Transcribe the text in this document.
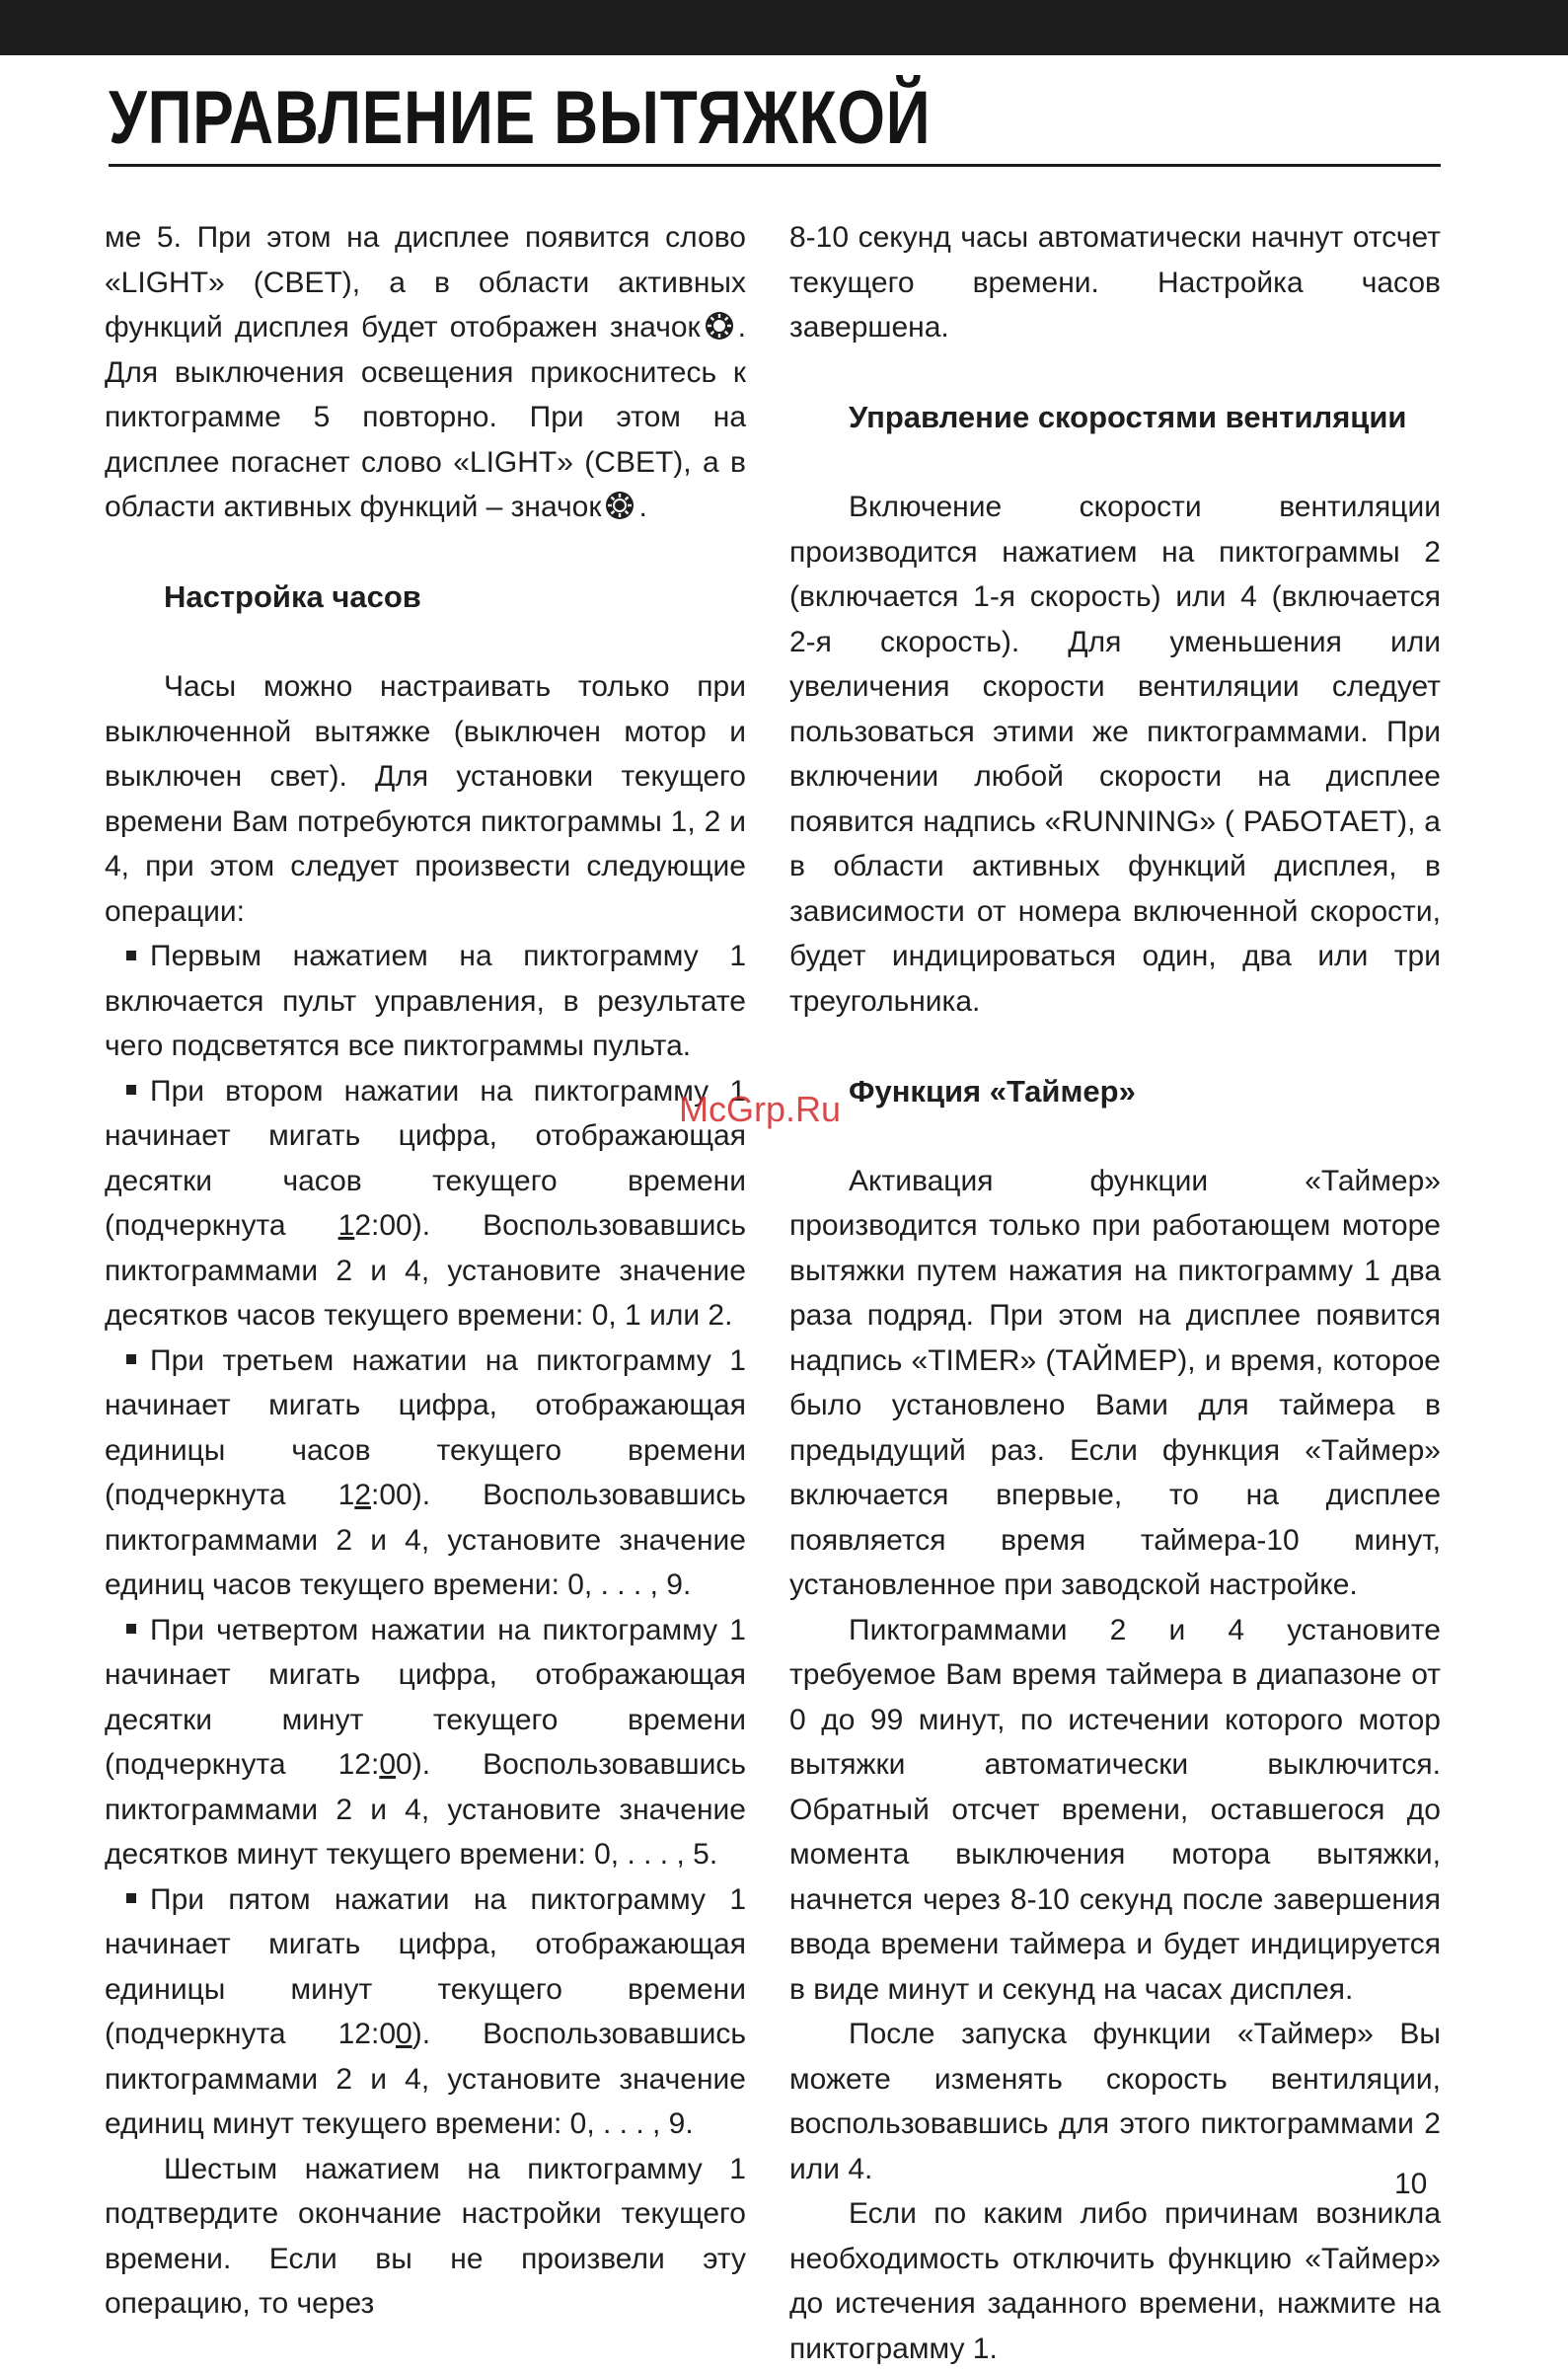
УПРАВЛЕНИЕ ВЫТЯЖКОЙ

ме 5. При этом на дисплее появится слово «LIGHT» (СВЕТ), а в области активных функций дисплея будет отображен значок . Для выключения освещения прикоснитесь к пиктограмме 5 повторно. При этом на дисплее погаснет слово «LIGHT» (СВЕТ), а в области активных функций – значок .

Настройка часов

Часы можно настраивать только при выключенной вытяжке (выключен мотор и выключен свет). Для установки текущего времени Вам потребуются пиктограммы 1, 2 и 4, при этом следует произвести следующие операции:

Первым нажатием на пиктограмму 1 включается пульт управления, в результате чего подсветятся все пиктограммы пульта.

При втором нажатии на пиктограмму 1 начинает мигать цифра, отображающая десятки часов текущего времени (подчеркнута 12:00). Воспользовавшись пиктограммами 2 и 4, установите значение десятков часов текущего времени: 0, 1 или 2.

При третьем нажатии на пиктограмму 1 начинает мигать цифра, отображающая единицы часов текущего времени (подчеркнута 12:00). Воспользовавшись пиктограммами 2 и 4, установите значение единиц часов текущего времени: 0, . . . , 9.

При четвертом нажатии на пиктограмму 1 начинает мигать цифра, отображающая десятки минут текущего времени (подчеркнута 12:00). Воспользовавшись пиктограммами 2 и 4, установите значение десятков минут текущего времени: 0, . . . , 5.

При пятом нажатии на пиктограмму 1 начинает мигать цифра, отображающая единицы минут текущего времени (подчеркнута 12:00). Воспользовавшись пиктограммами 2 и 4, установите значение единиц минут текущего времени: 0, . . . , 9.

Шестым нажатием на пиктограмму 1 подтвердите окончание настройки текущего времени. Если вы не произвели эту операцию, то через

8-10 секунд часы автоматически начнут отсчет текущего времени. Настройка часов завершена.

Управление скоростями вентиляции

Включение скорости вентиляции производится нажатием на пиктограммы 2 (включается 1-я скорость) или 4 (включается 2-я скорость). Для уменьшения или увеличения скорости вентиляции следует пользоваться этими же пиктограммами. При включении любой скорости на дисплее появится надпись «RUNNING» ( РАБОТАЕТ), а в области активных функций дисплея, в зависимости от номера включенной скорости, будет индицироваться один, два или три треугольника.

Функция «Таймер»

Активация функции «Таймер» производится только при работающем моторе вытяжки путем нажатия на пиктограмму 1 два раза подряд. При этом на дисплее появится надпись «TIMER» (ТАЙМЕР), и время, которое было установлено Вами для таймера в предыдущий раз. Если функция «Таймер» включается впервые, то на дисплее появляется время таймера-10 минут, установленное при заводской настройке.

Пиктограммами 2 и 4 установите требуемое Вам время таймера в диапазоне от 0 до 99 минут, по истечении которого мотор вытяжки автоматически выключится. Обратный отсчет времени, оставшегося до момента выключения мотора вытяжки, начнется через 8-10 секунд после завершения ввода времени таймера и будет индицируется в виде минут и секунд на часах дисплея.

После запуска функции «Таймер» Вы можете изменять скорость вентиляции, воспользовавшись для этого пиктограммами 2 или 4.

Если по каким либо причинам возникла необходимость отключить функцию «Таймер» до истечения заданного времени, нажмите на пиктограмму 1.

McGrp.Ru
10
